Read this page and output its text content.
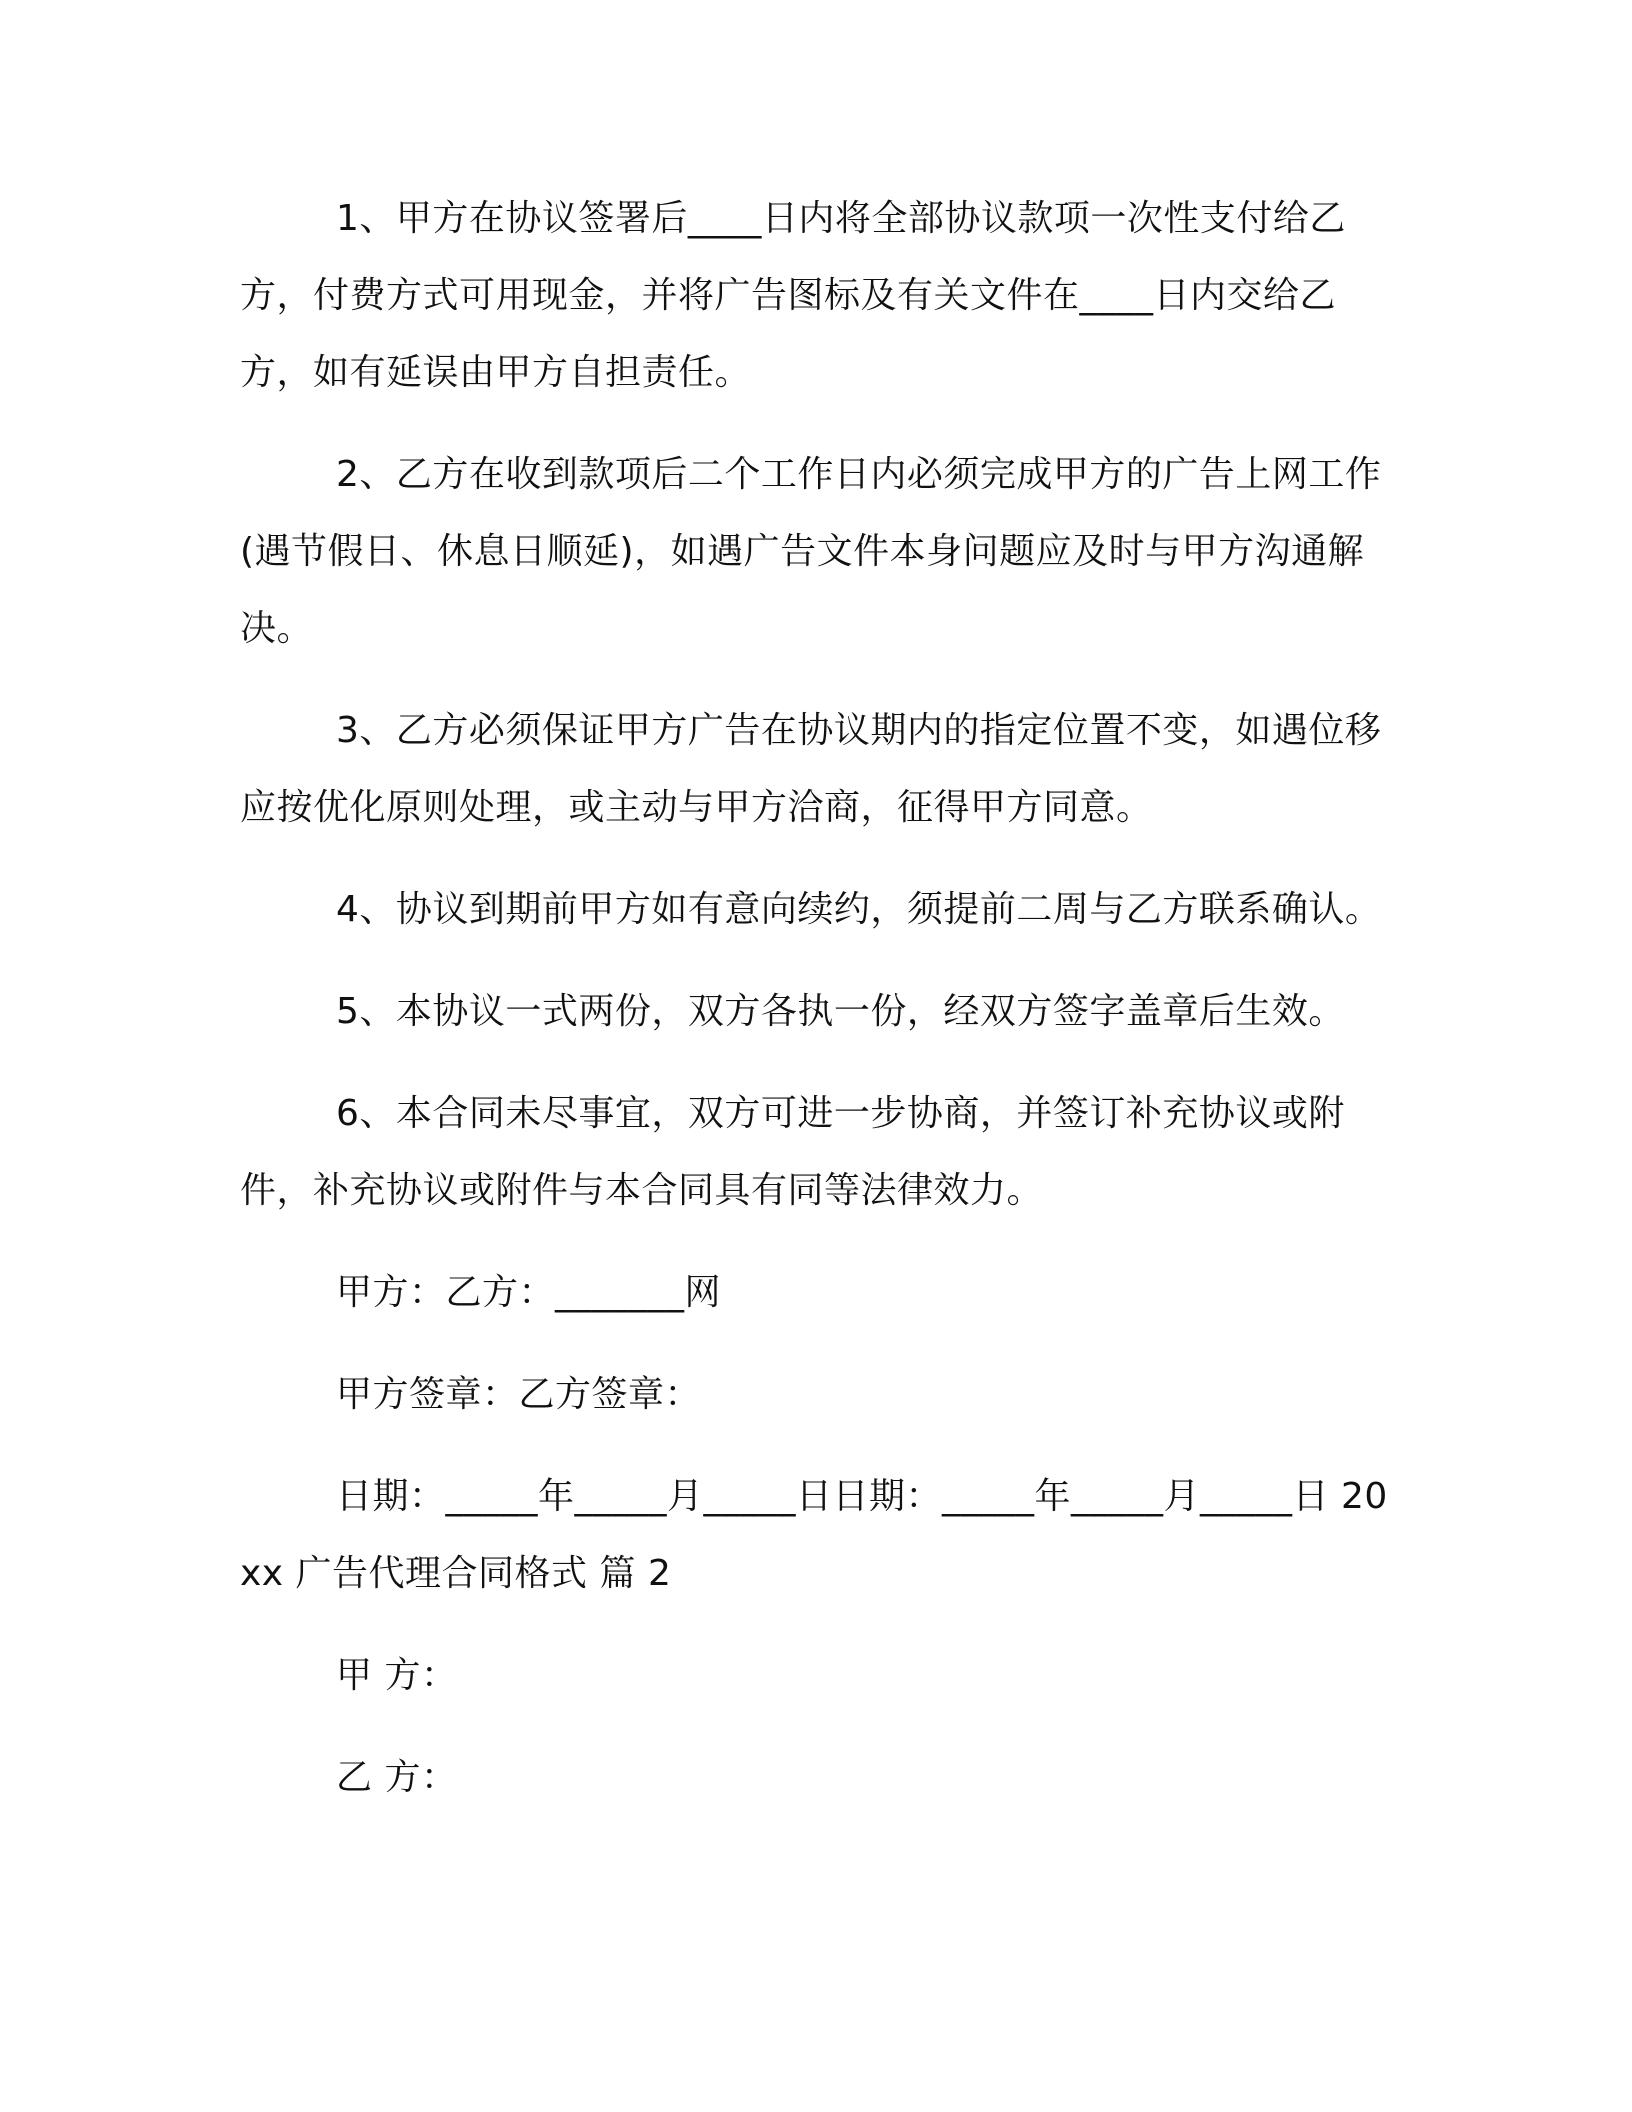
1、甲方在协议签署后____日内将全部协议款项一次性支付给乙方，付费方式可用现金，并将广告图标及有关文件在____日内交给乙方，如有延误由甲方自担责任。

2、乙方在收到款项后二个工作日内必须完成甲方的广告上网工作(遇节假日、休息日顺延)，如遇广告文件本身问题应及时与甲方沟通解决。

3、乙方必须保证甲方广告在协议期内的指定位置不变，如遇位移应按优化原则处理，或主动与甲方洽商，征得甲方同意。

4、协议到期前甲方如有意向续约，须提前二周与乙方联系确认。

5、本协议一式两份，双方各执一份，经双方签字盖章后生效。

6、本合同未尽事宜，双方可进一步协商，并签订补充协议或附件，补充协议或附件与本合同具有同等法律效力。

甲方：乙方：_______网

甲方签章：乙方签章：

日期：_____年_____月_____日日期：_____年_____月_____日 20xx 广告代理合同格式 篇 2

甲 方：

乙 方：
